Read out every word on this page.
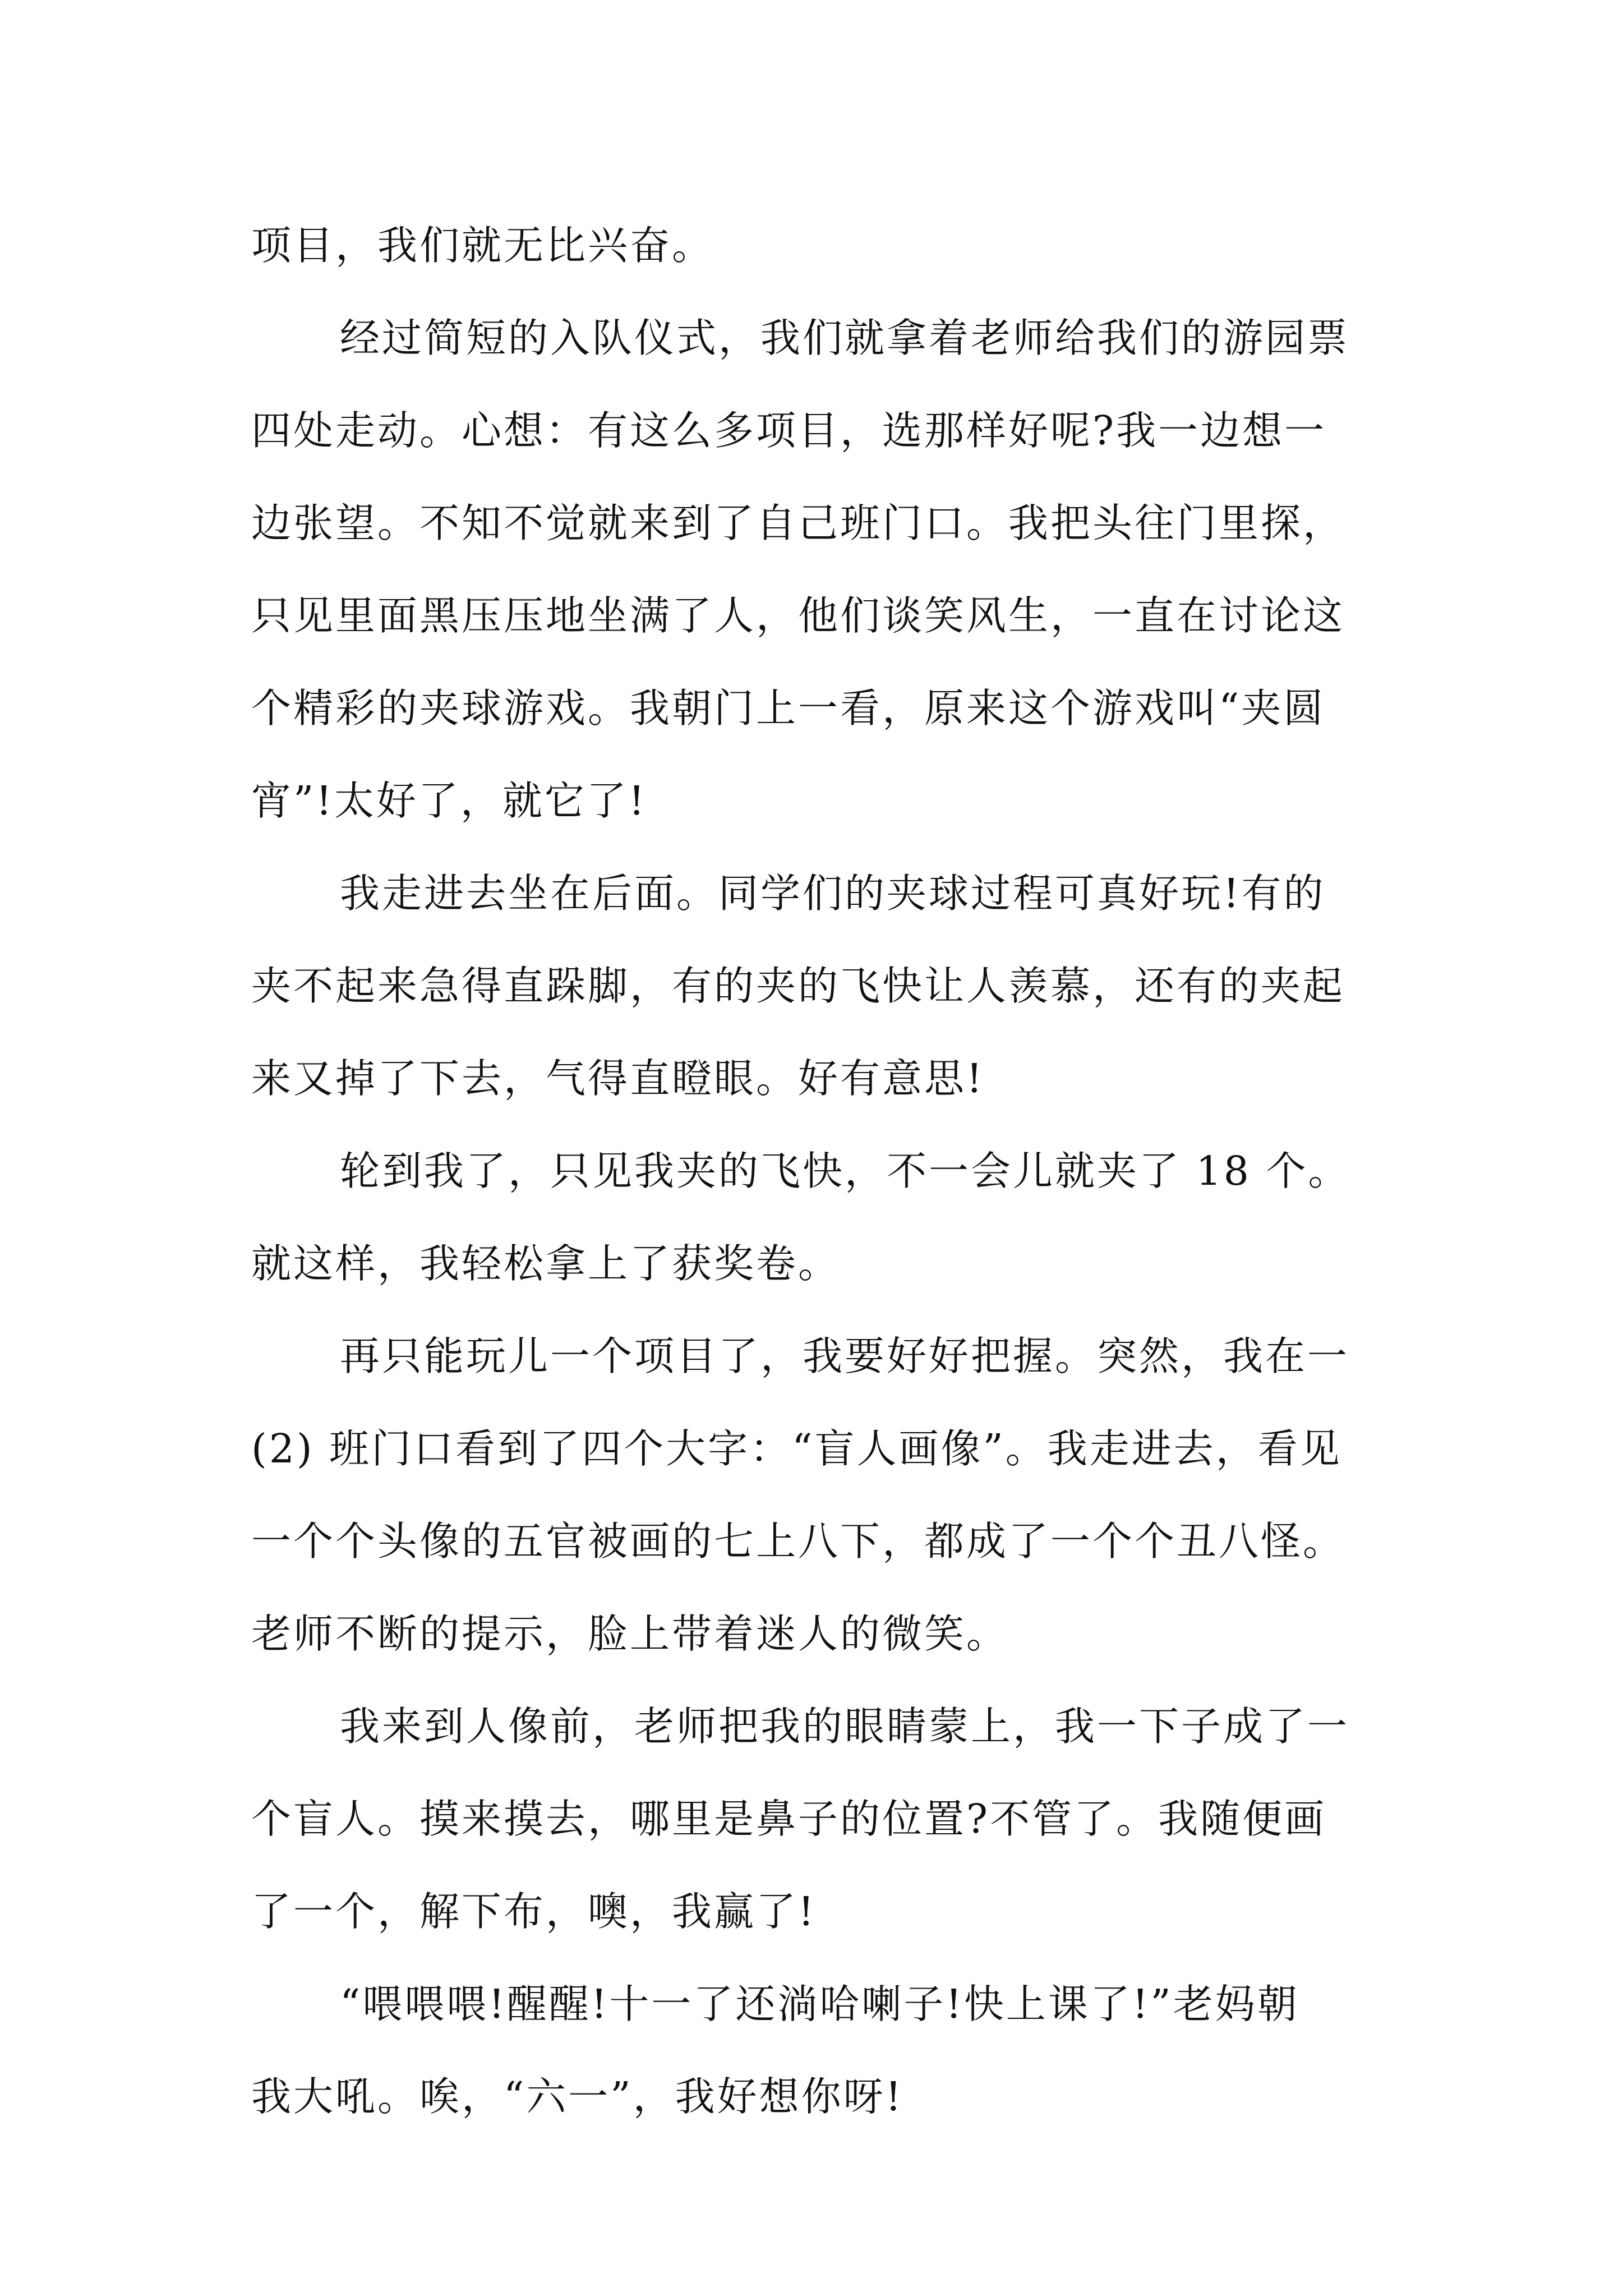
项目，我们就无比兴奋。
经过简短的入队仪式，我们就拿着老师给我们的游园票
四处走动。心想：有这么多项目，选那样好呢?我一边想一
边张望。不知不觉就来到了自己班门口。我把头往门里探，
只见里面黑压压地坐满了人，他们谈笑风生，一直在讨论这
个精彩的夹球游戏。我朝门上一看，原来这个游戏叫“夹圆
宵”!太好了，就它了!
我走进去坐在后面。同学们的夹球过程可真好玩!有的
夹不起来急得直跺脚，有的夹的飞快让人羡慕，还有的夹起
来又掉了下去，气得直瞪眼。好有意思!
轮到我了，只见我夹的飞快，不一会儿就夹了 18 个。
就这样，我轻松拿上了获奖卷。
再只能玩儿一个项目了，我要好好把握。突然，我在一
(2) 班门口看到了四个大字：“盲人画像”。我走进去，看见
一个个头像的五官被画的七上八下，都成了一个个丑八怪。
老师不断的提示，脸上带着迷人的微笑。
我来到人像前，老师把我的眼睛蒙上，我一下子成了一
个盲人。摸来摸去，哪里是鼻子的位置?不管了。我随便画
了一个，解下布，噢，我赢了!
“喂喂喂!醒醒!十一了还淌哈喇子!快上课了!”老妈朝
我大吼。唉，“六一”，我好想你呀!
